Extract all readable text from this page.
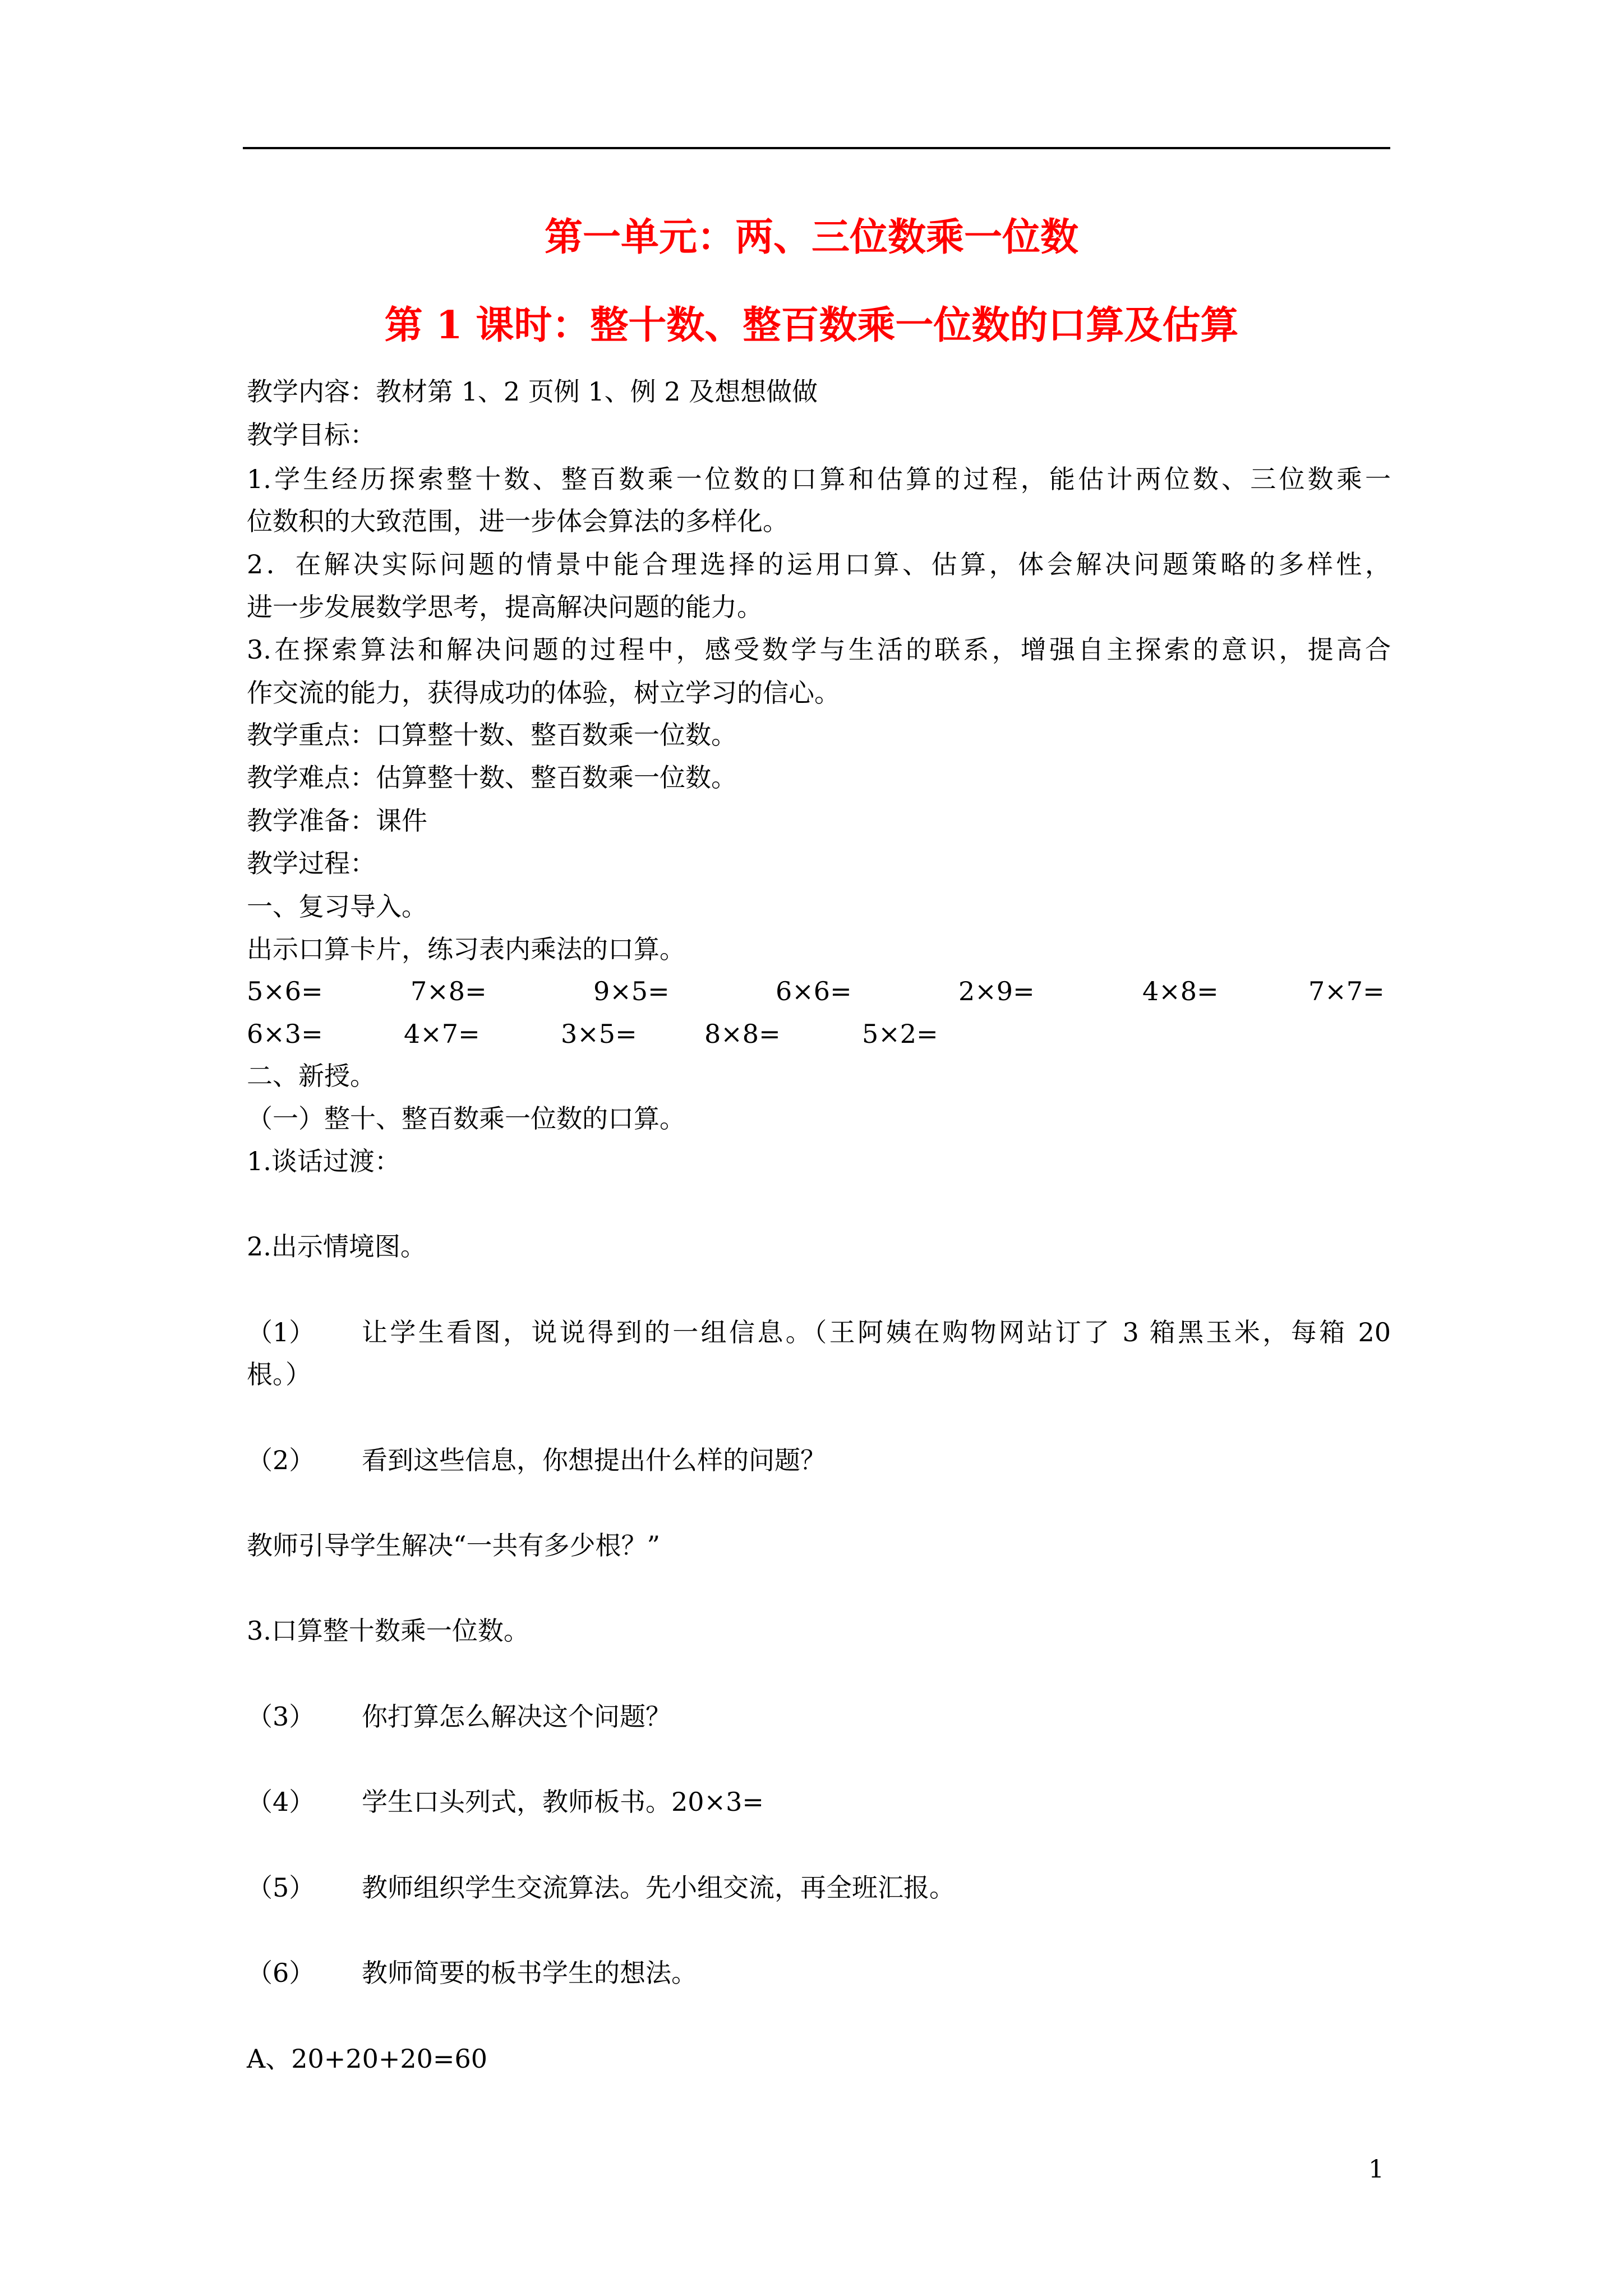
第一单元：两、三位数乘一位数
第 1 课时：整十数、整百数乘一位数的口算及估算
教学内容：教材第 1、2 页例 1、例 2 及想想做做
教学目标：
1.学生经历探索整十数、整百数乘一位数的口算和估算的过程，能估计两位数、三位数乘一
位数积的大致范围，进一步体会算法的多样化。
2．在解决实际问题的情景中能合理选择的运用口算、估算，体会解决问题策略的多样性，
进一步发展数学思考，提高解决问题的能力。
3.在探索算法和解决问题的过程中，感受数学与生活的联系，增强自主探索的意识，提高合
作交流的能力，获得成功的体验，树立学习的信心。
教学重点：口算整十数、整百数乘一位数。
教学难点：估算整十数、整百数乘一位数。
教学准备：课件
教学过程：
一、复习导入。
出示口算卡片，练习表内乘法的口算。
5×6=	7×8=	9×5=	6×6=	2×9=	4×8=	7×7=
6×3=	4×7=	3×5=	8×8=	5×2=
二、新授。
（一）整十、整百数乘一位数的口算。
1.谈话过渡：
2.出示情境图。
（1） 让学生看图，说说得到的一组信息。（王阿姨在购物网站订了 3 箱黑玉米，每箱 20
根。）
（2） 看到这些信息，你想提出什么样的问题？
教师引导学生解决“一共有多少根？”
3.口算整十数乘一位数。
（3） 你打算怎么解决这个问题？
（4） 学生口头列式，教师板书。20×3=
（5） 教师组织学生交流算法。先小组交流，再全班汇报。
（6） 教师简要的板书学生的想法。
A、20+20+20=60
1
